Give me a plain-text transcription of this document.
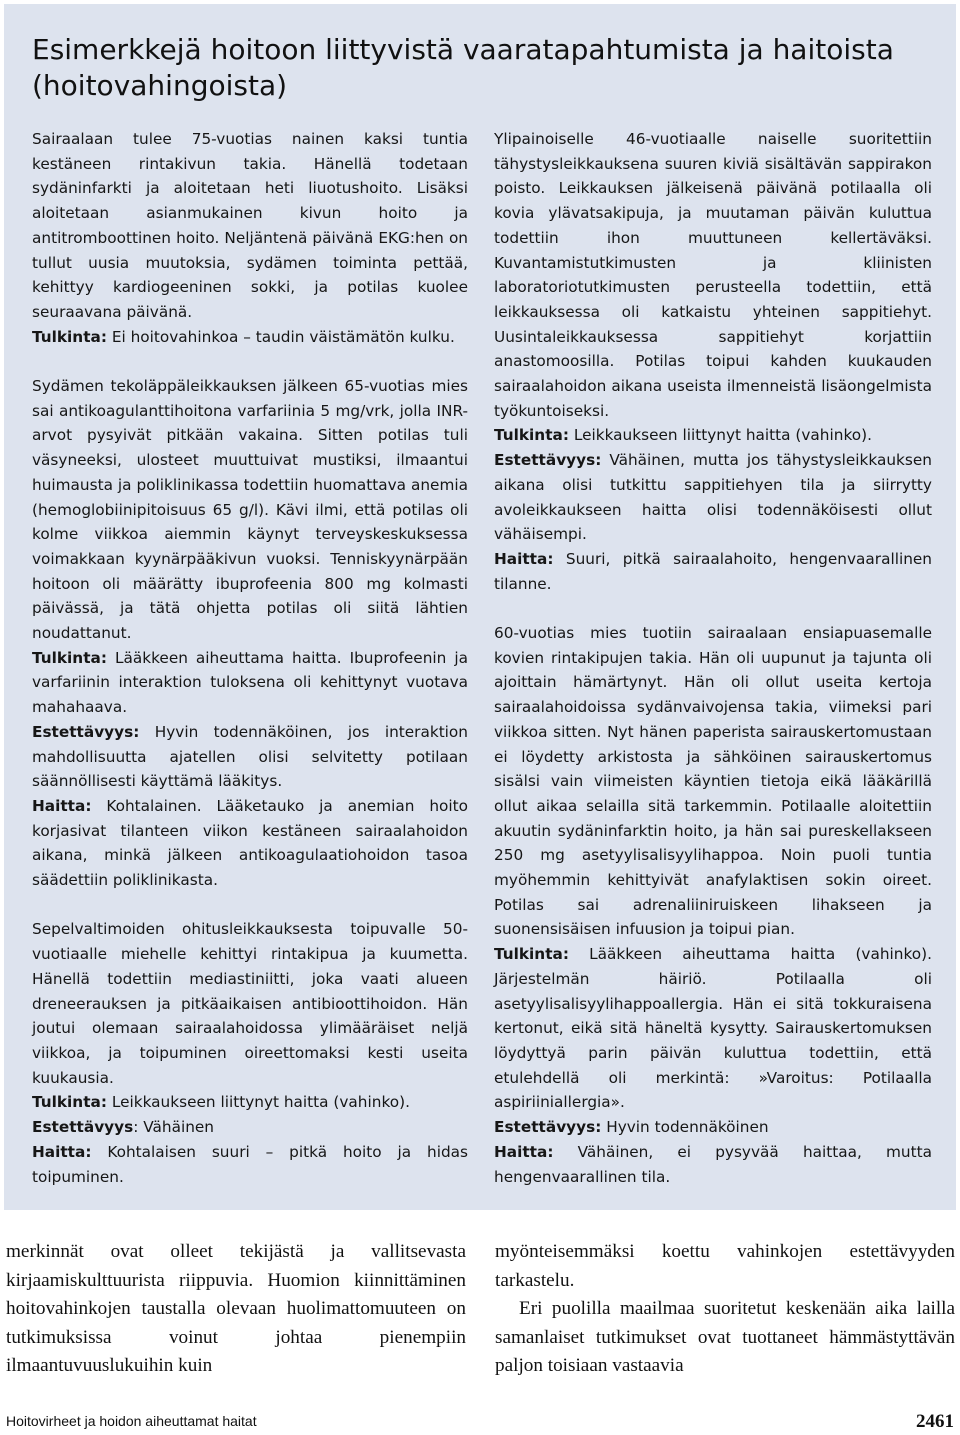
Esimerkkejä hoitoon liittyvistä vaaratapahtumista ja haitoista (hoitovahingoista)

Sairaalaan tulee 75-vuotias nainen kaksi tuntia kestäneen rintakivun takia. Hänellä todetaan sydäninfarkti ja aloitetaan heti liuotushoito. Lisäksi aloitetaan asianmukainen kivun hoito ja antitromboottinen hoito. Neljäntenä päivänä EKG:hen on tullut uusia muutoksia, sydämen toiminta pettää, kehittyy kardiogeeninen sokki, ja potilas kuolee seuraavana päivänä.

Tulkinta: Ei hoitovahinkoa – taudin väistämätön kulku.

Sydämen tekoläppäleikkauksen jälkeen 65-vuotias mies sai antikoagulanttihoitona varfariinia 5 mg/vrk, jolla INR-arvot pysyivät pitkään vakaina. Sitten potilas tuli väsyneeksi, ulosteet muuttuivat mustiksi, ilmaantui huimausta ja poliklinikassa todettiin huomattava anemia (hemoglobiinipitoisuus 65 g/l). Kävi ilmi, että potilas oli kolme viikkoa aiemmin käynyt terveyskeskuksessa voimakkaan kyynärpääkivun vuoksi. Tenniskyynärpään hoitoon oli määrätty ibuprofeenia 800 mg kolmasti päivässä, ja tätä ohjetta potilas oli siitä lähtien noudattanut.

Tulkinta: Lääkkeen aiheuttama haitta. Ibuprofeenin ja varfariinin interaktion tuloksena oli kehittynyt vuotava mahahaava.

Estettävyys: Hyvin todennäköinen, jos interaktion mahdollisuutta ajatellen olisi selvitetty potilaan säännöllisesti käyttämä lääkitys.

Haitta: Kohtalainen. Lääketauko ja anemian hoito korjasivat tilanteen viikon kestäneen sairaalahoidon aikana, minkä jälkeen antikoagulaatiohoidon tasoa säädettiin poliklinikasta.

Sepelvaltimoiden ohitusleikkauksesta toipuvalle 50-vuotiaalle miehelle kehittyi rintakipua ja kuumetta. Hänellä todettiin mediastiniitti, joka vaati alueen dreneerauksen ja pitkäaikaisen antibioottihoidon. Hän joutui olemaan sairaalahoidossa ylimääräiset neljä viikkoa, ja toipuminen oireettomaksi kesti useita kuukausia.

Tulkinta: Leikkaukseen liittynyt haitta (vahinko).

Estettävyys: Vähäinen

Haitta: Kohtalaisen suuri – pitkä hoito ja hidas toipuminen.

Ylipainoiselle 46-vuotiaalle naiselle suoritettiin tähystysleikkauksena suuren kiviä sisältävän sappirakon poisto. Leikkauksen jälkeisenä päivänä potilaalla oli kovia ylävatsakipuja, ja muutaman päivän kuluttua todettiin ihon muuttuneen kellertäväksi. Kuvantamistutkimusten ja kliinisten laboratoriotutkimusten perusteella todettiin, että leikkauksessa oli katkaistu yhteinen sappitiehyt. Uusintaleikkauksessa sappitiehyt korjattiin anastomoosilla. Potilas toipui kahden kuukauden sairaalahoidon aikana useista ilmenneistä lisäongelmista työkuntoiseksi.

Tulkinta: Leikkaukseen liittynyt haitta (vahinko).

Estettävyys: Vähäinen, mutta jos tähystysleikkauksen aikana olisi tutkittu sappitiehyen tila ja siirrytty avoleikkaukseen haitta olisi todennäköisesti ollut vähäisempi.

Haitta: Suuri, pitkä sairaalahoito, hengenvaarallinen tilanne.

60-vuotias mies tuotiin sairaalaan ensiapuasemalle kovien rintakipujen takia. Hän oli uupunut ja tajunta oli ajoittain hämärtynyt. Hän oli ollut useita kertoja sairaalahoidoissa sydänvaivojensa takia, viimeksi pari viikkoa sitten. Nyt hänen paperista sairauskertomustaan ei löydetty arkistosta ja sähköinen sairauskertomus sisälsi vain viimeisten käyntien tietoja eikä lääkärillä ollut aikaa selailla sitä tarkemmin. Potilaalle aloitettiin akuutin sydäninfarktin hoito, ja hän sai pureskellakseen 250 mg asetyylisalisyylihappoa. Noin puoli tuntia myöhemmin kehittyivät anafylaktisen sokin oireet. Potilas sai adrenaliiniruiskeen lihakseen ja suonensisäisen infuusion ja toipui pian.

Tulkinta: Lääkkeen aiheuttama haitta (vahinko). Järjestelmän häiriö. Potilaalla oli asetyylisalisyylihappoallergia. Hän ei sitä tokkuraisena kertonut, eikä sitä häneltä kysytty. Sairauskertomuksen löydyttyä parin päivän kuluttua todettiin, että etulehdellä oli merkintä: »Varoitus: Potilaalla aspiriiniallergia».

Estettävyys: Hyvin todennäköinen

Haitta: Vähäinen, ei pysyvää haittaa, mutta hengenvaarallinen tila.

merkinnät ovat olleet tekijästä ja vallitsevasta kirjaamiskulttuurista riippuvia. Huomion kiinnittäminen hoitovahinkojen taustalla olevaan huolimattomuuteen on tutkimuksissa voinut johtaa pienempiin ilmaantuvuuslukuihin kuin

myönteisemmäksi koettu vahinkojen estettävyyden tarkastelu.

Eri puolilla maailmaa suoritetut keskenään aika lailla samanlaiset tutkimukset ovat tuottaneet hämmästyttävän paljon toisiaan vastaavia

Hoitovirheet ja hoidon aiheuttamat haitat	2461
